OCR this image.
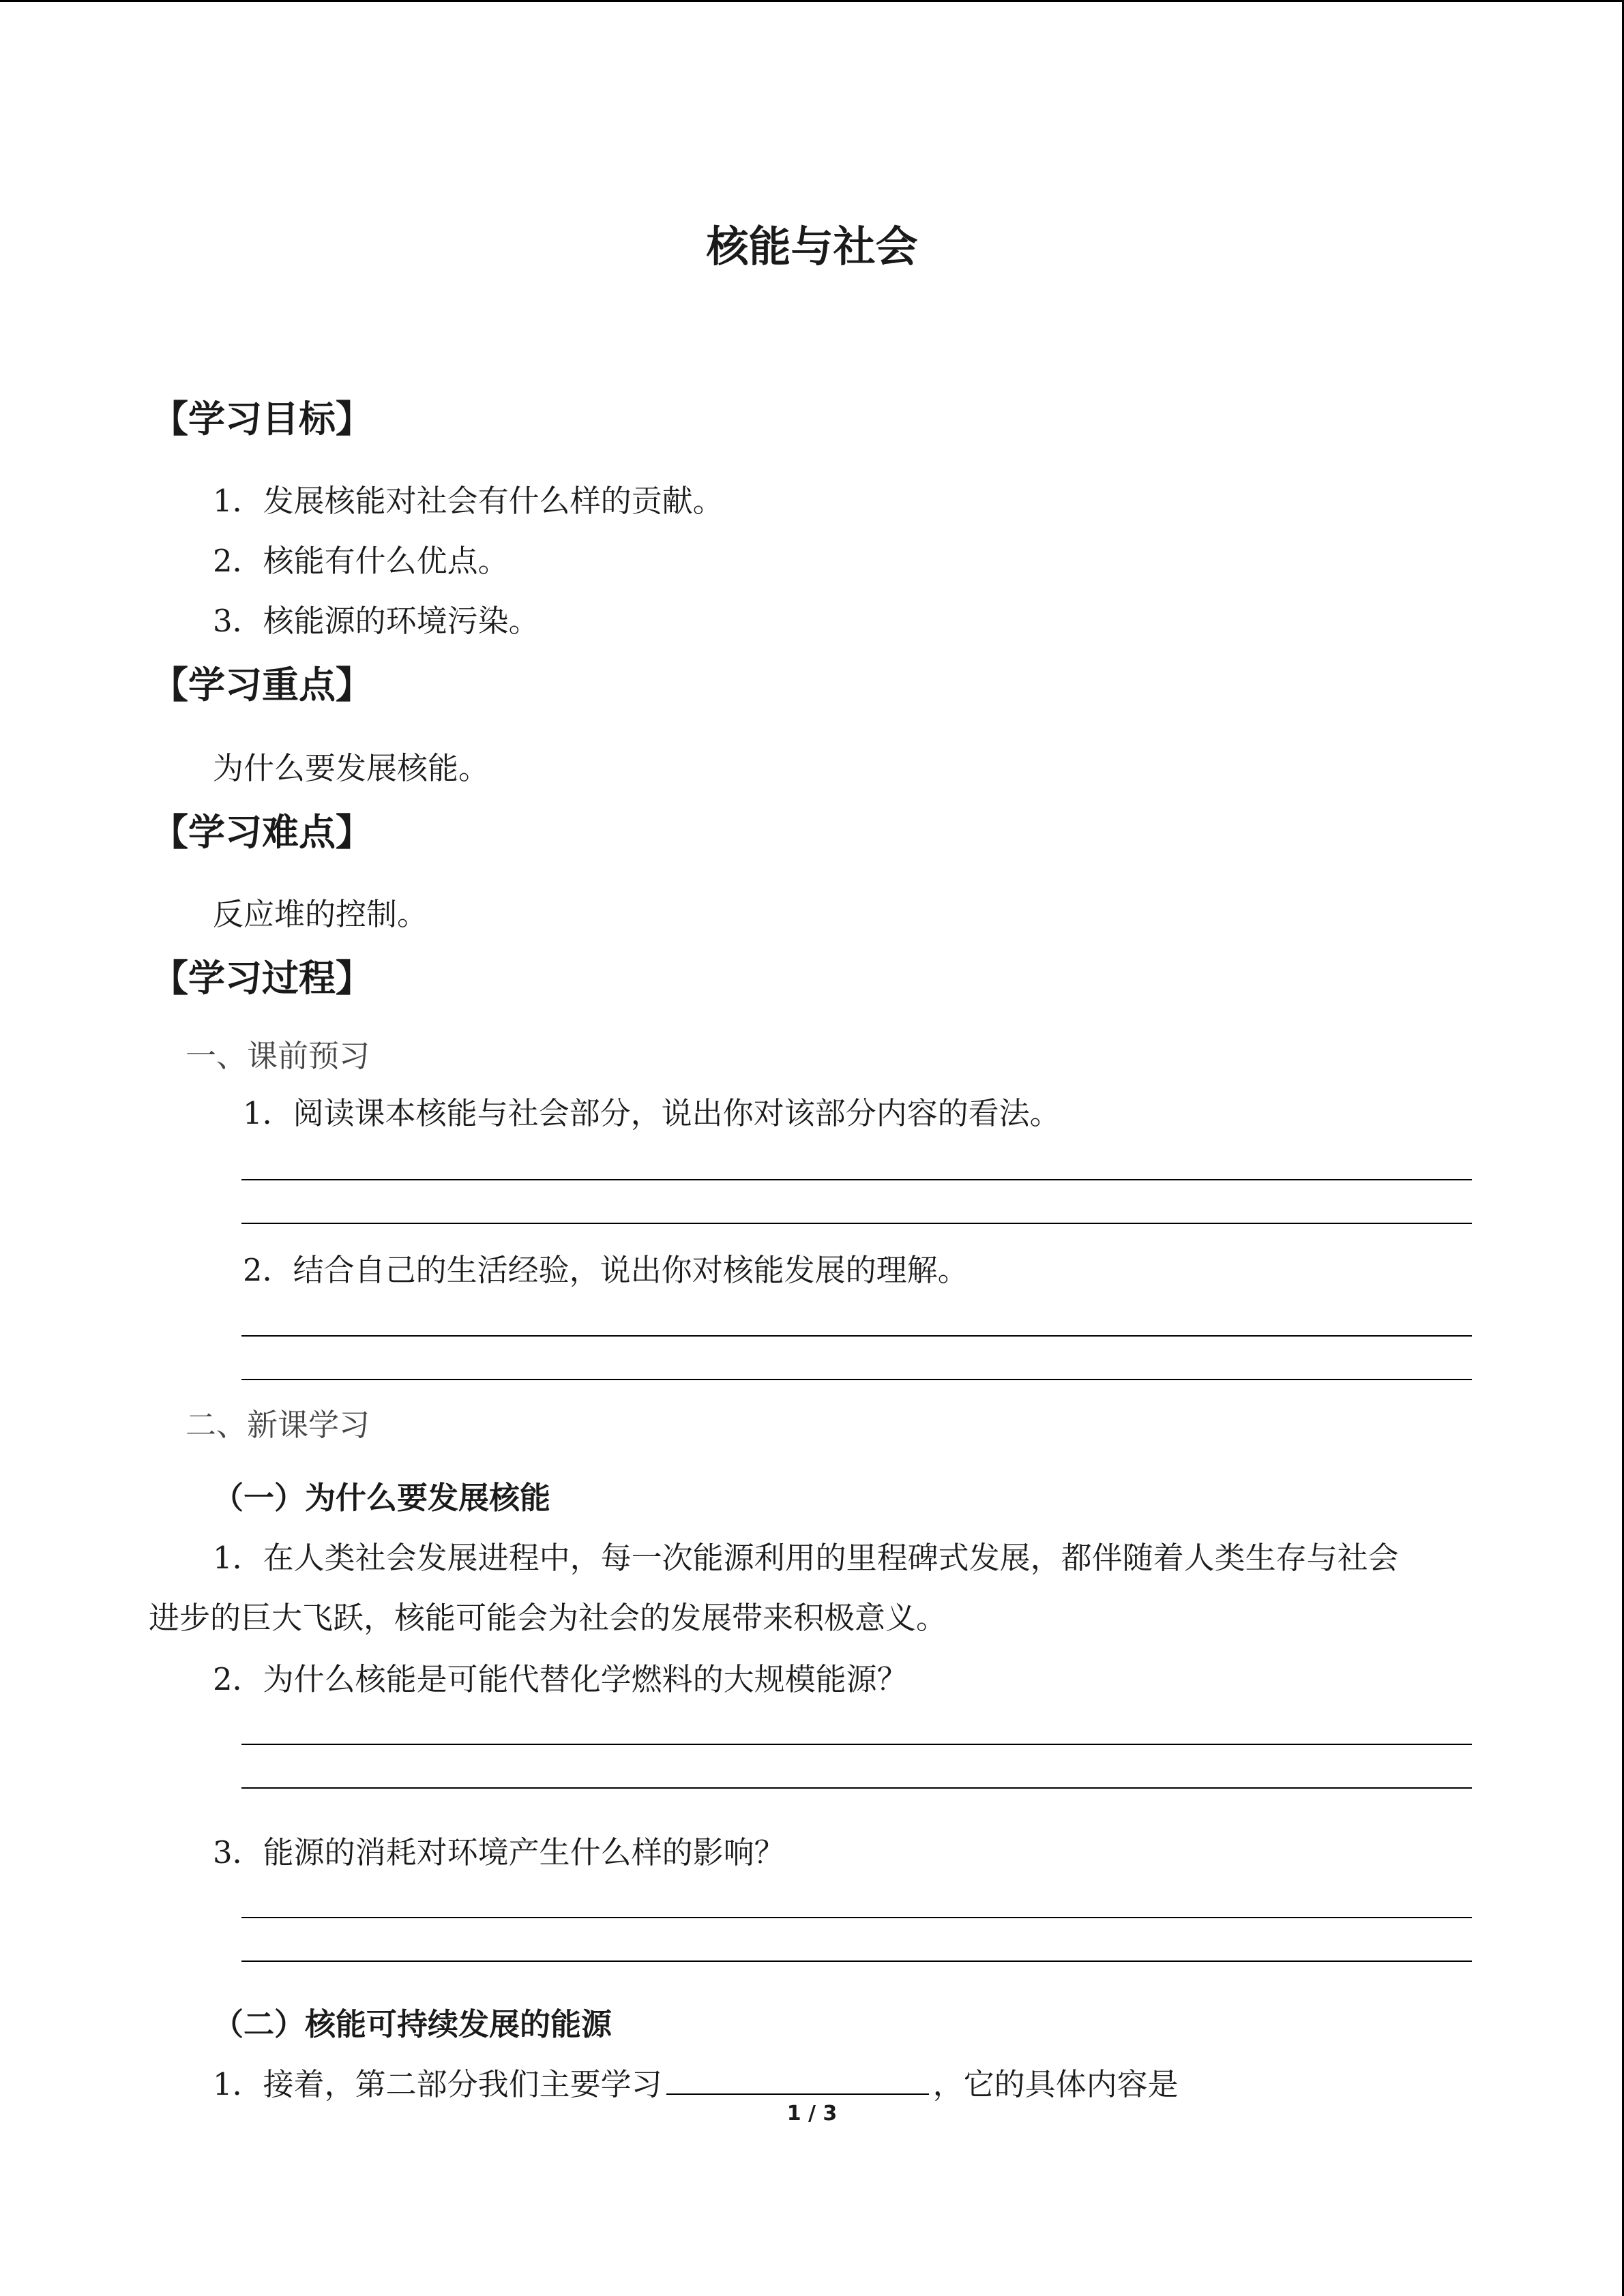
核能与社会
【学习目标】
1．发展核能对社会有什么样的贡献。
2．核能有什么优点。
3．核能源的环境污染。
【学习重点】
为什么要发展核能。
【学习难点】
反应堆的控制。
【学习过程】
一、课前预习
1．阅读课本核能与社会部分，说出你对该部分内容的看法。
2．结合自己的生活经验，说出你对核能发展的理解。
二、新课学习
（一）为什么要发展核能
1．在人类社会发展进程中，每一次能源利用的里程碑式发展，都伴随着人类生存与社会
进步的巨大飞跃，核能可能会为社会的发展带来积极意义。
2．为什么核能是可能代替化学燃料的大规模能源？
3．能源的消耗对环境产生什么样的影响？
（二）核能可持续发展的能源
1．接着，第二部分我们主要学习	，它的具体内容是
1 / 3
